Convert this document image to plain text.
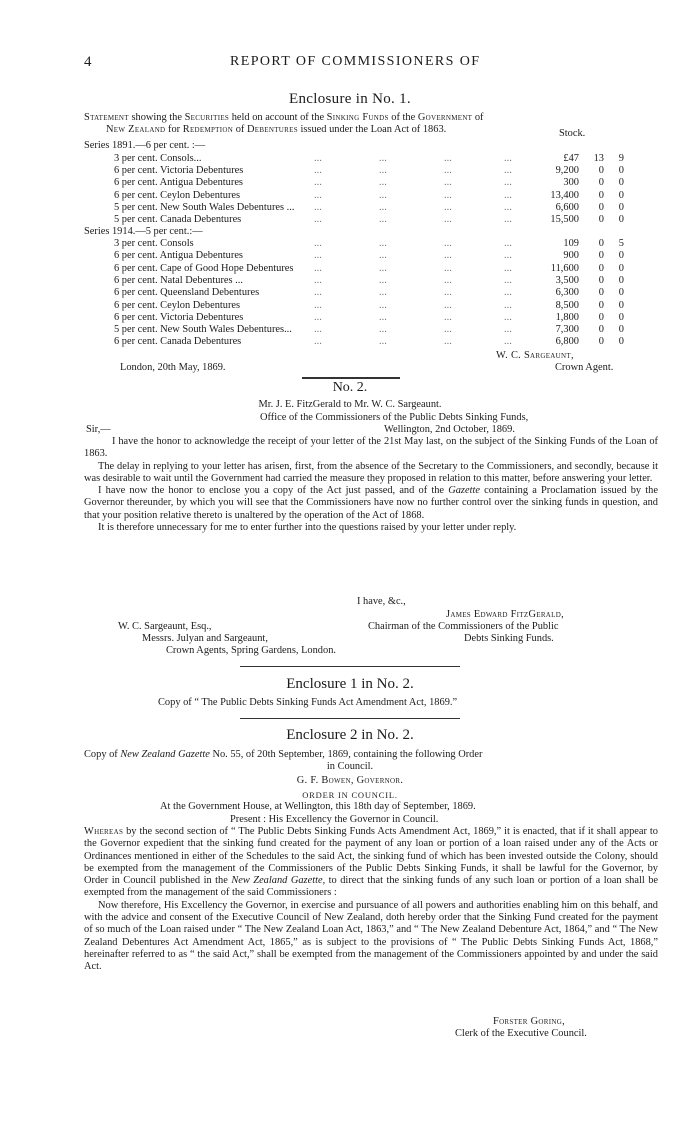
4	REPORT OF COMMISSIONERS OF
Enclosure in No. 1.

Statement showing the Securities held on account of the Sinking Funds of the Government of

New Zealand for Redemption of Debentures issued under the Loan Act of 1863.

Series 1891.—6 per cent. :—
Stock.
3 per cent. Consols...	...	...	...	...	£47	13	9
6 per cent. Victoria Debentures	...	...	...	...	9,200	0	0
6 per cent. Antigua Debentures	...	...	...	...	300	0	0
6 per cent. Ceylon Debentures	...	...	...	...	13,400	0	0
5 per cent. New South Wales Debentures ... ...	...	...	...	6,600	0	0
5 per cent. Canada Debentures	...	...	...	...	15,500	0	0
Series 1914.—5 per cent.:—
3 per cent. Consols	...	...	...	...	109	0	5
6 per cent. Antigua Debentures	...	...	...	...	900	0	0
6 per cent. Cape of Good Hope Debentures ...	...	...	...	11,600	0	0
6 per cent. Natal Debentures ...	...	...	...	...	3,500	0	0
6 per cent. Queensland Debentures	...	...	...	...	6,300	0	0
6 per cent. Ceylon Debentures	...	...	...	...	8,500	0	0
6 per cent. Victoria Debentures	...	...	...	...	1,800	0	0
5 per cent. New South Wales Debentures... ...	...	...	...	7,300	0	0
6 per cent. Canada Debentures	...	...	...	...	6,800	0	0
London, 20th May, 1869.
W. C. Sargeaunt,
Crown Agent.
No. 2.
Mr. J. E. FitzGerald to Mr. W. C. Sargeaunt.
Office of the Commissioners of the Public Debts Sinking Funds,
Sir,—	Wellington, 2nd October, 1869.

I have the honor to acknowledge the receipt of your letter of the 21st May last, on the subject of the Sinking Funds of the Loan of 1863.

The delay in replying to your letter has arisen, first, from the absence of the Secretary to the Commissioners, and secondly, because it was desirable to wait until the Government had carried the measure they proposed in relation to this matter, before answering your letter.

I have now the honor to enclose you a copy of the Act just passed, and of the Gazette containing a Proclamation issued by the Governor thereunder, by which you will see that the Commissioners have now no further control over the sinking funds in question, and that your position relative thereto is unaltered by the operation of the Act of 1868.

It is therefore unnecessary for me to enter further into the questions raised by your letter under reply.

I have, &c.,
James Edward FitzGerald,
Chairman of the Commissioners of the Public
Debts Sinking Funds.
W. C. Sargeaunt, Esq.,
Messrs. Julyan and Sargeaunt,
Crown Agents, Spring Gardens, London.
Enclosure 1 in No. 2.
Copy of “ The Public Debts Sinking Funds Act Amendment Act, 1869.”
Enclosure 2 in No. 2.
Copy of New Zealand Gazette No. 55, of 20th September, 1869, containing the following Order
in Council.
G. F. Bowen, Governor.
ORDER IN COUNCIL.
At the Government House, at Wellington, this 18th day of September, 1869.
Present : His Excellency the Governor in Council.

Whereas by the second section of “ The Public Debts Sinking Funds Acts Amendment Act, 1869,” it is enacted, that if it shall appear to the Governor expedient that the sinking fund created for the payment of any loan or portion of a loan raised under any of the Acts or Ordinances mentioned in either of the Schedules to the said Act, the sinking fund of which has been invested outside the Colony, should be exempted from the management of the Commissioners of the Public Debts Sinking Funds, it shall be lawful for the Governor, by Order in Council published in the New Zealand Gazette, to direct that the sinking funds of any such loan or portion of a loan shall be exempted from the management of the said Commissioners :

Now therefore, His Excellency the Governor, in exercise and pursuance of all powers and authorities enabling him on this behalf, and with the advice and consent of the Executive Council of New Zealand, doth hereby order that the Sinking Fund created for the payment of so much of the Loan raised under “ The New Zealand Loan Act, 1863,” and “ The New Zealand Debenture Act, 1864,” and “ The New Zealand Debentures Act Amendment Act, 1865,” as is subject to the provisions of “ The Public Debts Sinking Funds Act, 1868,” hereinafter referred to as “ the said Act,” shall be exempted from the management of the Commissioners appointed by and under the said Act.

Forster Goring,
Clerk of the Executive Council.
